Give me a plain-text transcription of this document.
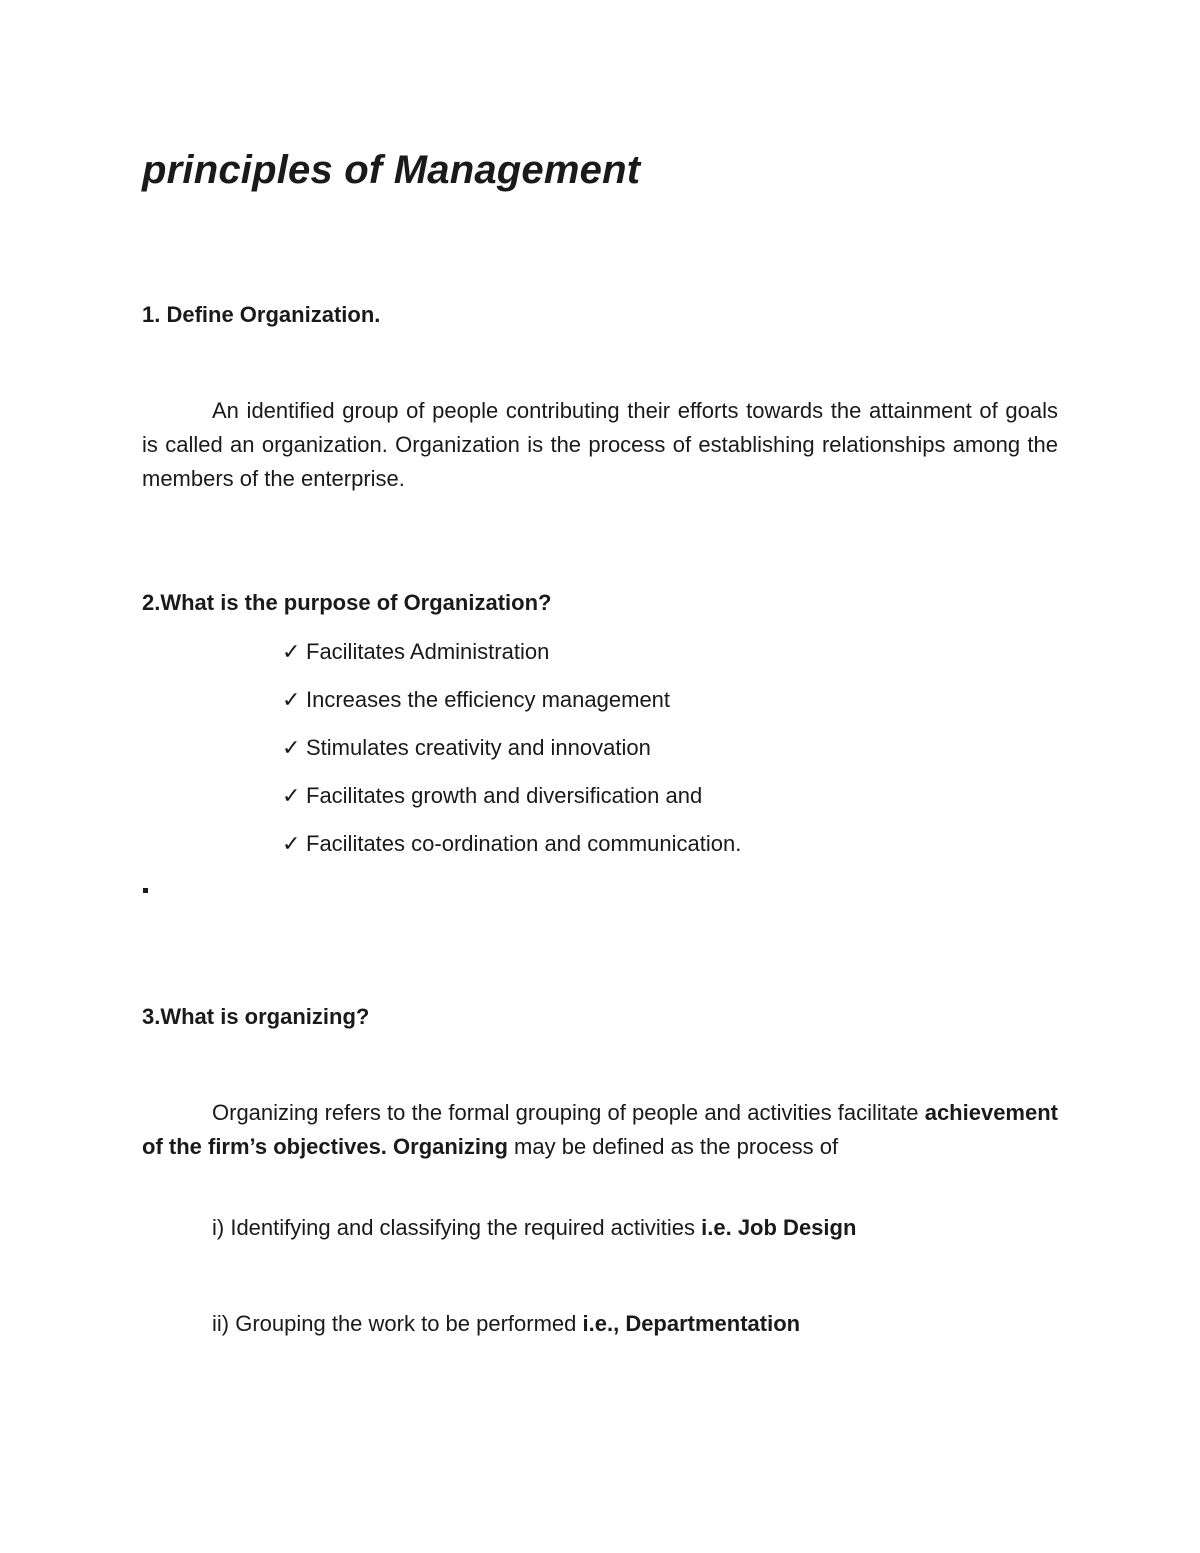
principles of Management

1. Define Organization.

An identified group of people contributing their efforts towards the attainment of goals is called an organization. Organization is the process of establishing relationships among the members of the enterprise.

2.What is the purpose of Organization?

✓ Facilitates Administration
✓ Increases the efficiency management
✓ Stimulates creativity and innovation
✓ Facilitates growth and diversification and
✓ Facilitates co-ordination and communication.

3.What is organizing?

Organizing refers to the formal grouping of people and activities facilitate achievement of the firm’s objectives. Organizing may be defined as the process of

i) Identifying and classifying the required activities i.e. Job Design

ii) Grouping the work to be performed i.e., Departmentation
